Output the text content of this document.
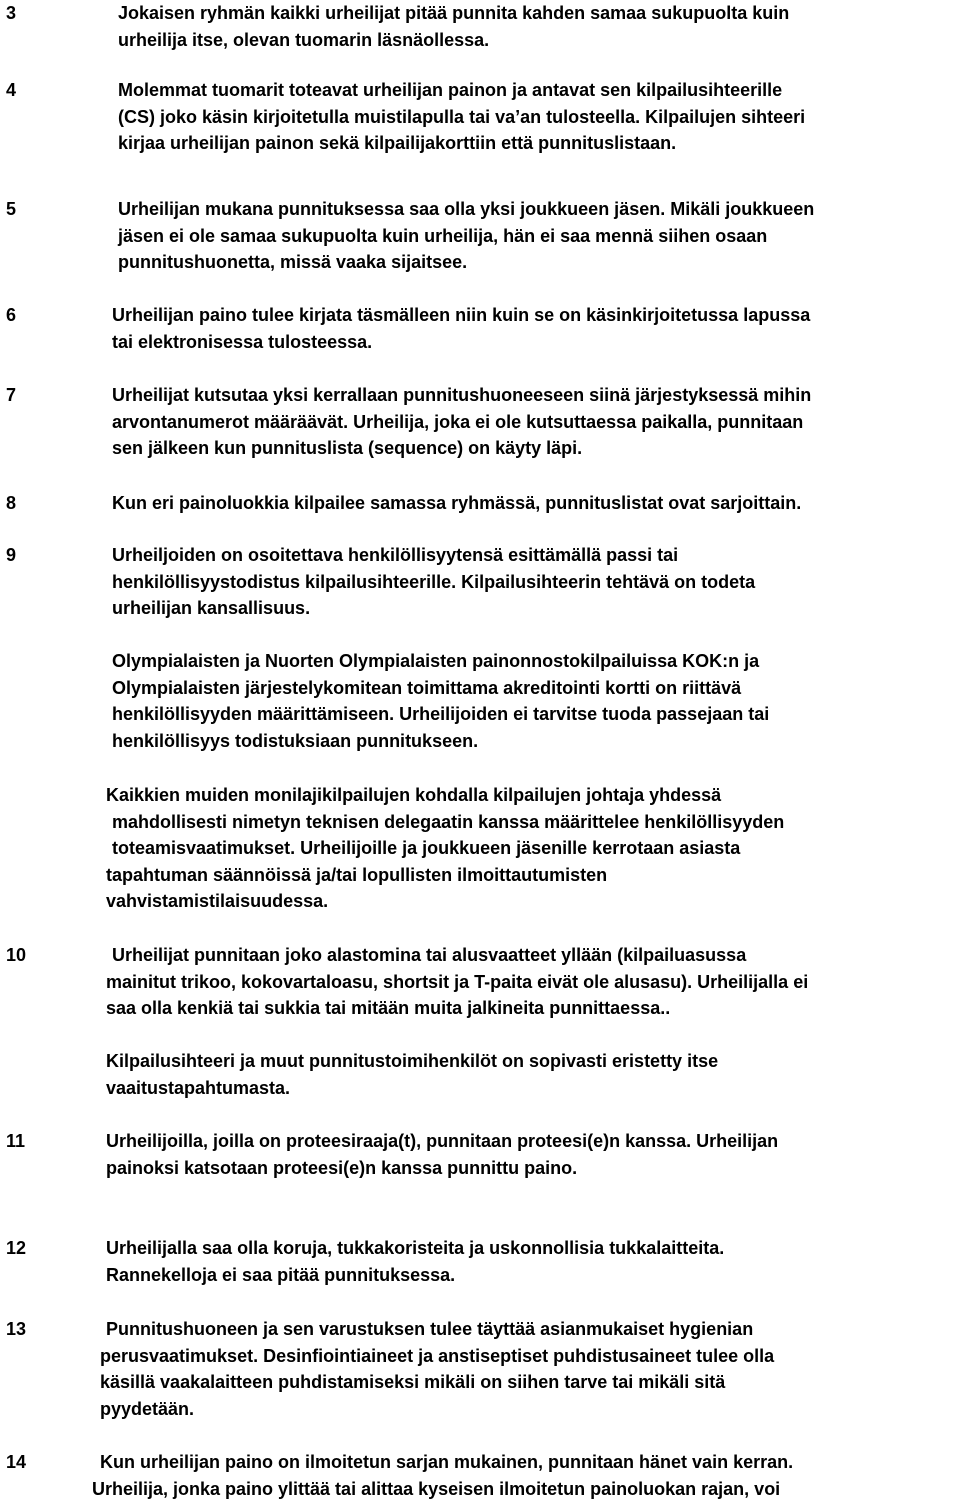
3	Jokaisen ryhmän kaikki urheilijat pitää punnita kahden samaa sukupuolta kuin
urheilija itse, olevan tuomarin läsnäollessa.
4	Molemmat tuomarit toteavat urheilijan painon ja antavat sen kilpailusihteerille
(CS) joko käsin kirjoitetulla muistilapulla tai va’an tulosteella. Kilpailujen sihteeri
kirjaa urheilijan painon sekä kilpailijakorttiin että punnituslistaan.
5	Urheilijan mukana punnituksessa saa olla yksi joukkueen jäsen. Mikäli joukkueen
jäsen ei ole samaa sukupuolta kuin urheilija, hän ei saa mennä siihen osaan
punnitushuonetta, missä vaaka sijaitsee.
6	Urheilijan paino tulee kirjata täsmälleen niin kuin se on käsinkirjoitetussa lapussa
tai elektronisessa tulosteessa.
7	Urheilijat kutsutaa yksi kerrallaan punnitushuoneeseen siinä järjestyksessä mihin
arvontanumerot määräävät. Urheilija, joka ei ole kutsuttaessa paikalla, punnitaan
sen jälkeen kun punnituslista (sequence) on käyty läpi.
8	Kun eri painoluokkia kilpailee samassa ryhmässä, punnituslistat ovat sarjoittain.
9	Urheiljoiden on osoitettava henkilöllisyytensä esittämällä passi tai
henkilöllisyystodistus kilpailusihteerille. Kilpailusihteerin tehtävä on todeta
urheilijan kansallisuus.
Olympialaisten ja Nuorten Olympialaisten painonnostokilpailuissa KOK:n ja
Olympialaisten järjestelykomitean toimittama akreditointi kortti on riittävä
henkilöllisyyden määrittämiseen. Urheilijoiden ei tarvitse tuoda passejaan tai
henkilöllisyys todistuksiaan punnitukseen.
Kaikkien muiden monilajikilpailujen kohdalla kilpailujen johtaja yhdessä
mahdollisesti nimetyn teknisen delegaatin kanssa määrittelee henkilöllisyyden
toteamisvaatimukset. Urheilijoille ja joukkueen jäsenille kerrotaan asiasta
tapahtuman säännöissä ja/tai lopullisten ilmoittautumisten
vahvistamistilaisuudessa.
10	Urheilijat punnitaan joko alastomina tai alusvaatteet yllään (kilpailuasussa
mainitut trikoo, kokovartaloasu, shortsit ja T-paita eivät ole alusasu). Urheilijalla ei
saa olla kenkiä tai sukkia tai mitään muita jalkineita punnittaessa..
Kilpailusihteeri ja muut punnitustoimihenkilöt on sopivasti eristetty itse
vaaitustapahtumasta.
11	Urheilijoilla, joilla on proteesiraaja(t), punnitaan proteesi(e)n kanssa. Urheilijan
painoksi katsotaan proteesi(e)n kanssa punnittu paino.
12	Urheilijalla saa olla koruja, tukkakoristeita ja uskonnollisia tukkalaitteita.
Rannekelloja ei saa pitää punnituksessa.
13	Punnitushuoneen ja sen varustuksen tulee täyttää asianmukaiset hygienian
perusvaatimukset. Desinfiointiaineet ja anstiseptiset puhdistusaineet tulee olla
käsillä vaakalaitteen puhdistamiseksi mikäli on siihen tarve tai mikäli sitä
pyydetään.
14	Kun urheilijan paino on ilmoitetun sarjan mukainen, punnitaan hänet vain kerran.
Urheilija, jonka paino ylittää tai alittaa kyseisen ilmoitetun painoluokan rajan, voi
